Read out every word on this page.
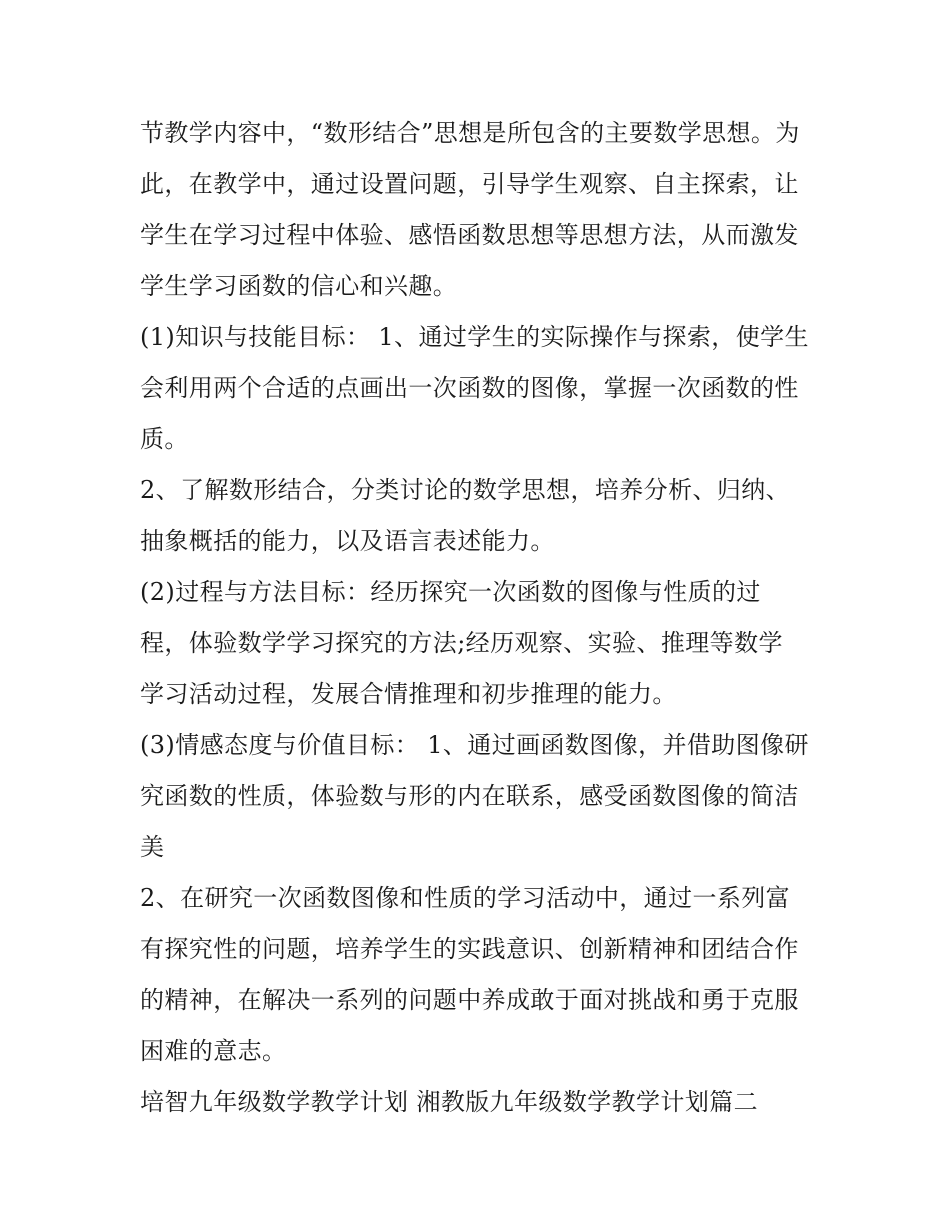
节教学内容中，“数形结合”思想是所包含的主要数学思想。为
此，在教学中，通过设置问题，引导学生观察、自主探索，让
学生在学习过程中体验、感悟函数思想等思想方法，从而激发
学生学习函数的信心和兴趣。
(1)知识与技能目标： 1、通过学生的实际操作与探索，使学生
会利用两个合适的点画出一次函数的图像，掌握一次函数的性
质。
2、了解数形结合，分类讨论的数学思想，培养分析、归纳、
抽象概括的能力，以及语言表述能力。
(2)过程与方法目标：经历探究一次函数的图像与性质的过
程，体验数学学习探究的方法;经历观察、实验、推理等数学
学习活动过程，发展合情推理和初步推理的能力。
(3)情感态度与价值目标： 1、通过画函数图像，并借助图像研
究函数的性质，体验数与形的内在联系，感受函数图像的简洁
美
2、在研究一次函数图像和性质的学习活动中，通过一系列富
有探究性的问题，培养学生的实践意识、创新精神和团结合作
的精神，在解决一系列的问题中养成敢于面对挑战和勇于克服
困难的意志。
培智九年级数学教学计划 湘教版九年级数学教学计划篇二
